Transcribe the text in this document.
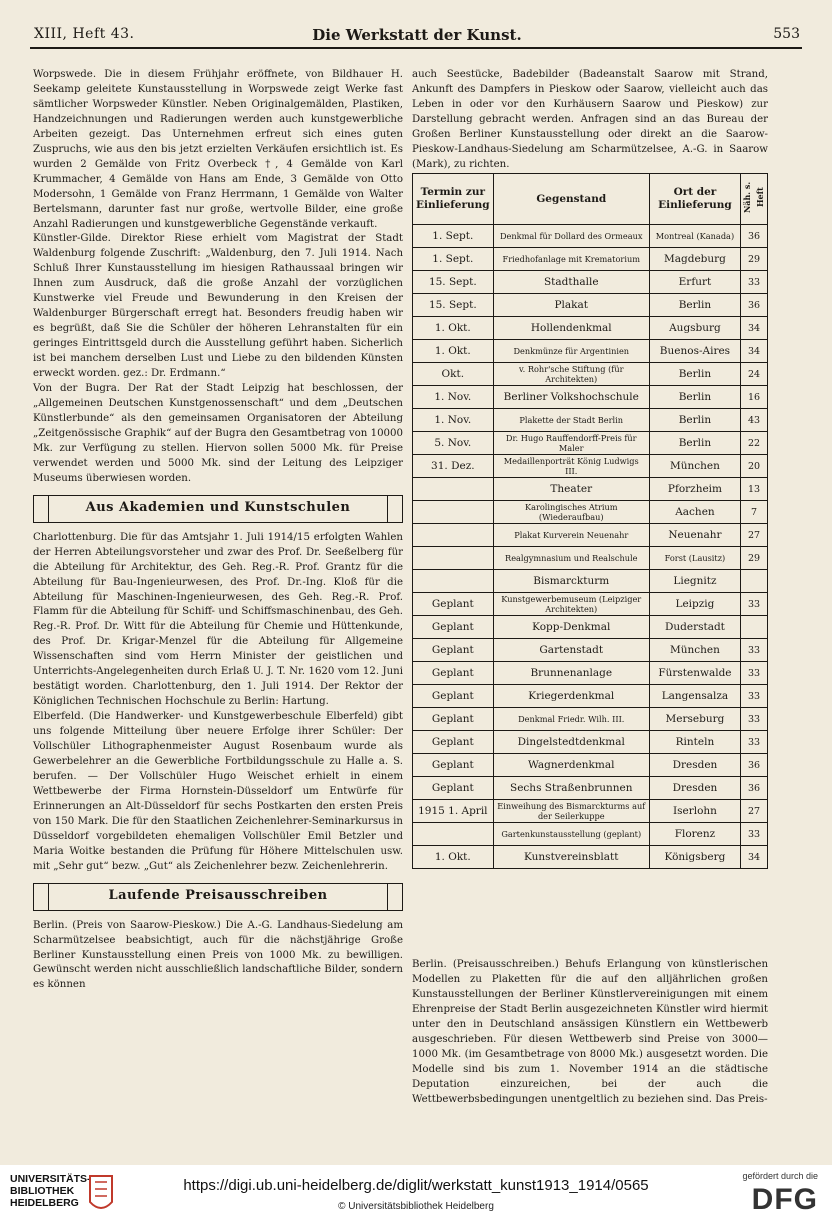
XIII, Heft 43.	Die Werkstatt der Kunst.	553

Worpswede. Die in diesem Frühjahr eröffnete, von Bildhauer H. Seekamp geleitete Kunstausstellung in Worpswede zeigt Werke fast sämtlicher Worpsweder Künstler. Neben Originalgemälden, Plastiken, Handzeichnungen und Radierungen werden auch kunstgewerbliche Arbeiten gezeigt. Das Unternehmen erfreut sich eines guten Zuspruchs, wie aus den bis jetzt erzielten Verkäufen ersichtlich ist. Es wurden 2 Gemälde von Fritz Overbeck †, 4 Gemälde von Karl Krummacher, 4 Gemälde von Hans am Ende, 3 Gemälde von Otto Modersohn, 1 Gemälde von Franz Herrmann, 1 Gemälde von Walter Bertelsmann, darunter fast nur große, wertvolle Bilder, eine große Anzahl Radierungen und kunstgewerbliche Gegenstände verkauft.

Künstler-Gilde. Direktor Riese erhielt vom Magistrat der Stadt Waldenburg folgende Zuschrift: „Waldenburg, den 7. Juli 1914. Nach Schluß Ihrer Kunstausstellung im hiesigen Rathaussaal bringen wir Ihnen zum Ausdruck, daß die große Anzahl der vorzüglichen Kunstwerke viel Freude und Bewunderung in den Kreisen der Waldenburger Bürgerschaft erregt hat. Besonders freudig haben wir es begrüßt, daß Sie die Schüler der höheren Lehranstalten für ein geringes Eintrittsgeld durch die Ausstellung geführt haben. Sicherlich ist bei manchem derselben Lust und Liebe zu den bildenden Künsten erweckt worden. gez.: Dr. Erdmann.“

Von der Bugra. Der Rat der Stadt Leipzig hat beschlossen, der „Allgemeinen Deutschen Kunstgenossenschaft“ und dem „Deutschen Künstlerbunde“ als den gemeinsamen Organisatoren der Abteilung „Zeitgenössische Graphik“ auf der Bugra den Gesamtbetrag von 10000 Mk. zur Verfügung zu stellen. Hiervon sollen 5000 Mk. für Preise verwendet werden und 5000 Mk. sind der Leitung des Leipziger Museums überwiesen worden.

Aus Akademien und Kunstschulen

Charlottenburg. Die für das Amtsjahr 1. Juli 1914/15 erfolgten Wahlen der Herren Abteilungsvorsteher und zwar des Prof. Dr. Seeßelberg für die Abteilung für Architektur, des Geh. Reg.-R. Prof. Grantz für die Abteilung für Bau-Ingenieurwesen, des Prof. Dr.-Ing. Kloß für die Abteilung für Maschinen-Ingenieurwesen, des Geh. Reg.-R. Prof. Flamm für die Abteilung für Schiff- und Schiffsmaschinenbau, des Geh. Reg.-R. Prof. Dr. Witt für die Abteilung für Chemie und Hüttenkunde, des Prof. Dr. Krigar-Menzel für die Abteilung für Allgemeine Wissenschaften sind vom Herrn Minister der geistlichen und Unterrichts-Angelegenheiten durch Erlaß U. J. T. Nr. 1620 vom 12. Juni bestätigt worden. Charlottenburg, den 1. Juli 1914. Der Rektor der Königlichen Technischen Hochschule zu Berlin: Hartung.

Elberfeld. (Die Handwerker- und Kunstgewerbeschule Elberfeld) gibt uns folgende Mitteilung über neuere Erfolge ihrer Schüler: Der Vollschüler Lithographenmeister August Rosenbaum wurde als Gewerbelehrer an die Gewerbliche Fortbildungsschule zu Halle a. S. berufen. — Der Vollschüler Hugo Weischet erhielt in einem Wettbewerbe der Firma Hornstein-Düsseldorf um Entwürfe für Erinnerungen an Alt-Düsseldorf für sechs Postkarten den ersten Preis von 150 Mark. Die für den Staatlichen Zeichenlehrer-Seminarkursus in Düsseldorf vorgebildeten ehemaligen Vollschüler Emil Betzler und Maria Woitke bestanden die Prüfung für Höhere Mittelschulen usw. mit „Sehr gut“ bezw. „Gut“ als Zeichenlehrer bezw. Zeichenlehrerin.

Laufende Preisausschreiben

Berlin. (Preis von Saarow-Pieskow.) Die A.-G. Landhaus-Siedelung am Scharmützelsee beabsichtigt, auch für die nächstjährige Große Berliner Kunstausstellung einen Preis von 1000 Mk. zu bewilligen. Gewünscht werden nicht ausschließlich landschaftliche Bilder, sondern es können

auch Seestücke, Badebilder (Badeanstalt Saarow mit Strand, Ankunft des Dampfers in Pieskow oder Saarow, vielleicht auch das Leben in oder vor den Kurhäusern Saarow und Pieskow) zur Darstellung gebracht werden. Anfragen sind an das Bureau der Großen Berliner Kunstausstellung oder direkt an die Saarow-Pieskow-Landhaus-Siedelung am Scharmützelsee, A.-G. in Saarow (Mark), zu richten.

Termin zur Einlieferung	Gegenstand	Ort der Einlieferung	Näh. s. Heft
1. Sept.	Denkmal für Dollard des Ormeaux	Montreal (Kanada)	36
1. Sept.	Friedhofanlage mit Krematorium	Magdeburg	29
15. Sept.	Stadthalle	Erfurt	33
15. Sept.	Plakat	Berlin	36
1. Okt.	Hollendenkmal	Augsburg	34
1. Okt.	Denkmünze für Argentinien	Buenos-Aires	34
Okt.	v. Rohr'sche Stiftung (für Architekten)	Berlin	24
1. Nov.	Berliner Volkshochschule	Berlin	16
1. Nov.	Plakette der Stadt Berlin	Berlin	43
5. Nov.	Dr. Hugo Rauffendorff-Preis für Maler	Berlin	22
31. Dez.	Medaillenporträt König Ludwigs III.	München	20
	Theater	Pforzheim	13
	Karolingisches Atrium (Wiederaufbau)	Aachen	7
	Plakat Kurverein Neuenahr	Neuenahr	27
	Realgymnasium und Realschule	Forst (Lausitz)	29
	Bismarckturm	Liegnitz	
Geplant	Kunstgewerbemuseum (Leipziger Architekten)	Leipzig	33
Geplant	Kopp-Denkmal	Duderstadt	
Geplant	Gartenstadt	München	33
Geplant	Brunnenanlage	Fürstenwalde	33
Geplant	Kriegerdenkmal	Langensalza	33
Geplant	Denkmal Friedr. Wilh. III.	Merseburg	33
Geplant	Dingelstedtdenkmal	Rinteln	33
Geplant	Wagnerdenkmal	Dresden	36
Geplant	Sechs Straßenbrunnen	Dresden	36
1915 1. April	Einweihung des Bismarckturms auf der Seilerkuppe	Iserlohn	27
	Gartenkunstausstellung (geplant)	Florenz	33
1. Okt.	Kunstvereinsblatt	Königsberg	34

Berlin. (Preisausschreiben.) Behufs Erlangung von künstlerischen Modellen zu Plaketten für die auf den alljährlichen großen Kunstausstellungen der Berliner Künstlervereinigungen mit einem Ehrenpreise der Stadt Berlin ausgezeichneten Künstler wird hiermit unter den in Deutschland ansässigen Künstlern ein Wettbewerb ausgeschrieben. Für diesen Wettbewerb sind Preise von 3000—1000 Mk. (im Gesamtbetrage von 8000 Mk.) ausgesetzt worden. Die Modelle sind bis zum 1. November 1914 an die städtische Deputation einzureichen, bei der auch die Wettbewerbsbedingungen unentgeltlich zu beziehen sind. Das Preis-

UNIVERSITÄTS-
BIBLIOTHEK
HEIDELBERG
https://digi.ub.uni-heidelberg.de/diglit/werkstatt_kunst1913_1914/0565
© Universitätsbibliothek Heidelberg
gefördert durch die
DFG
